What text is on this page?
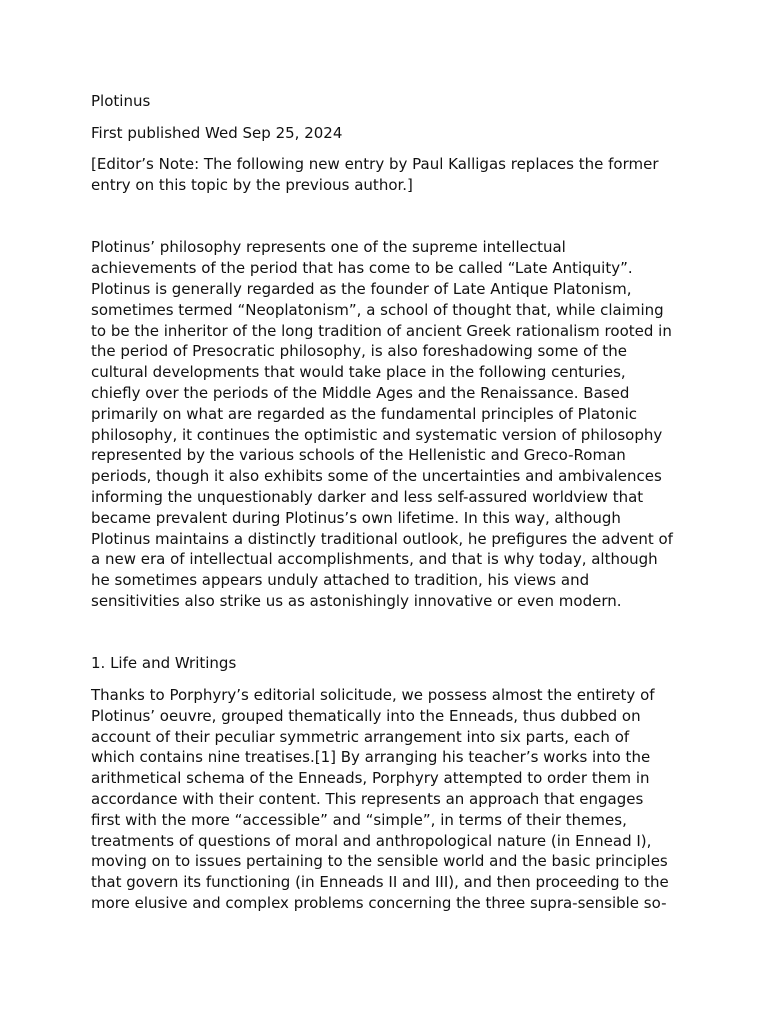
Plotinus
First published Wed Sep 25, 2024
[Editor’s Note: The following new entry by Paul Kalligas replaces the former
entry on this topic by the previous author.]
Plotinus’ philosophy represents one of the supreme intellectual
achievements of the period that has come to be called “Late Antiquity”.
Plotinus is generally regarded as the founder of Late Antique Platonism,
sometimes termed “Neoplatonism”, a school of thought that, while claiming
to be the inheritor of the long tradition of ancient Greek rationalism rooted in
the period of Presocratic philosophy, is also foreshadowing some of the
cultural developments that would take place in the following centuries,
chiefly over the periods of the Middle Ages and the Renaissance. Based
primarily on what are regarded as the fundamental principles of Platonic
philosophy, it continues the optimistic and systematic version of philosophy
represented by the various schools of the Hellenistic and Greco-Roman
periods, though it also exhibits some of the uncertainties and ambivalences
informing the unquestionably darker and less self-assured worldview that
became prevalent during Plotinus’s own lifetime. In this way, although
Plotinus maintains a distinctly traditional outlook, he prefigures the advent of
a new era of intellectual accomplishments, and that is why today, although
he sometimes appears unduly attached to tradition, his views and
sensitivities also strike us as astonishingly innovative or even modern.
1. Life and Writings
Thanks to Porphyry’s editorial solicitude, we possess almost the entirety of
Plotinus’ oeuvre, grouped thematically into the Enneads, thus dubbed on
account of their peculiar symmetric arrangement into six parts, each of
which contains nine treatises.[1] By arranging his teacher’s works into the
arithmetical schema of the Enneads, Porphyry attempted to order them in
accordance with their content. This represents an approach that engages
first with the more “accessible” and “simple”, in terms of their themes,
treatments of questions of moral and anthropological nature (in Ennead I),
moving on to issues pertaining to the sensible world and the basic principles
that govern its functioning (in Enneads II and III), and then proceeding to the
more elusive and complex problems concerning the three supra-sensible so-
